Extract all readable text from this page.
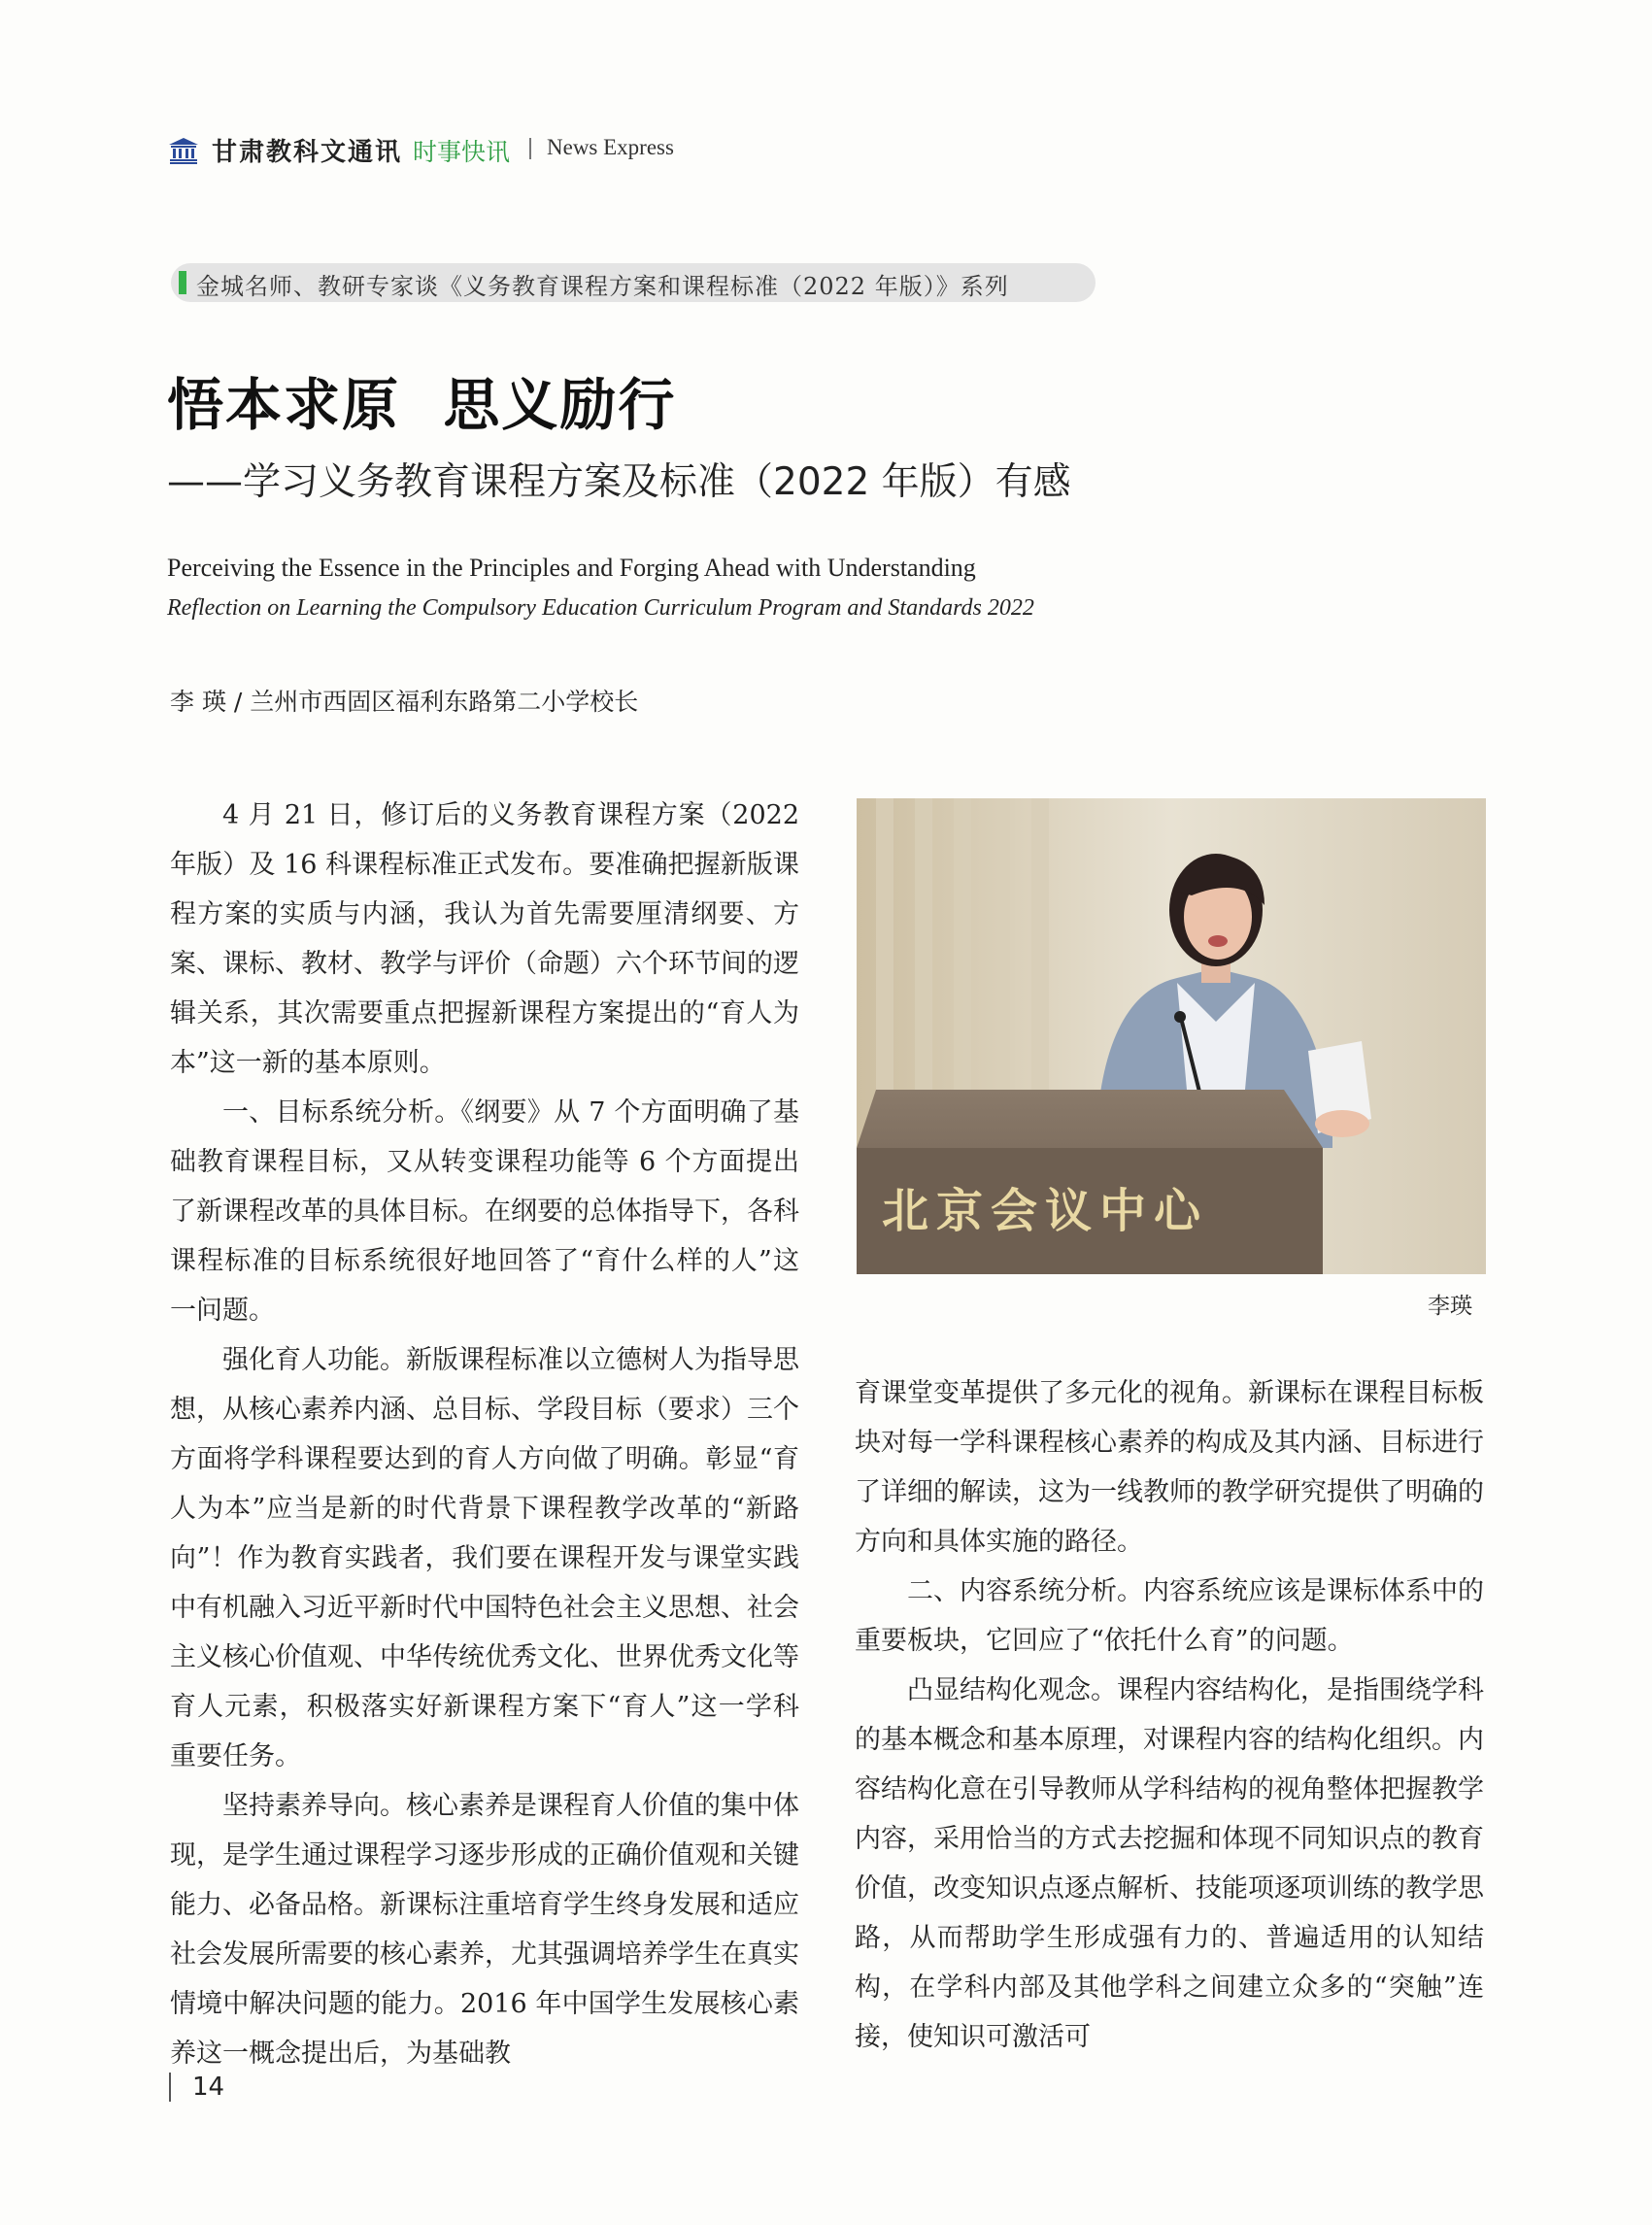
甘肃教科文通讯 时事快讯 News Express
金城名师、教研专家谈《义务教育课程方案和课程标准（2022 年版）》系列
悟本求原  思义励行
——学习义务教育课程方案及标准（2022 年版）有感
Perceiving the Essence in the Principles and Forging Ahead with Understanding
Reflection on Learning the Compulsory Education Curriculum Program and Standards 2022
李 瑛 / 兰州市西固区福利东路第二小学校长

4 月 21 日，修订后的义务教育课程方案（2022 年版）及 16 科课程标准正式发布。要准确把握新版课程方案的实质与内涵，我认为首先需要厘清纲要、方案、课标、教材、教学与评价（命题）六个环节间的逻辑关系，其次需要重点把握新课程方案提出的“育人为本”这一新的基本原则。

一、目标系统分析。《纲要》从 7 个方面明确了基础教育课程目标，又从转变课程功能等 6 个方面提出了新课程改革的具体目标。在纲要的总体指导下，各科课程标准的目标系统很好地回答了“育什么样的人”这一问题。

强化育人功能。新版课程标准以立德树人为指导思想，从核心素养内涵、总目标、学段目标（要求）三个方面将学科课程要达到的育人方向做了明确。彰显“育人为本”应当是新的时代背景下课程教学改革的“新路向”！作为教育实践者，我们要在课程开发与课堂实践中有机融入习近平新时代中国特色社会主义思想、社会主义核心价值观、中华传统优秀文化、世界优秀文化等育人元素，积极落实好新课程方案下“育人”这一学科重要任务。

坚持素养导向。核心素养是课程育人价值的集中体现，是学生通过课程学习逐步形成的正确价值观和关键能力、必备品格。新课标注重培育学生终身发展和适应社会发展所需要的核心素养，尤其强调培养学生在真实情境中解决问题的能力。2016 年中国学生发展核心素养这一概念提出后，为基础教

北京会议中心
李瑛

育课堂变革提供了多元化的视角。新课标在课程目标板块对每一学科课程核心素养的构成及其内涵、目标进行了详细的解读，这为一线教师的教学研究提供了明确的方向和具体实施的路径。

二、内容系统分析。内容系统应该是课标体系中的重要板块，它回应了“依托什么育”的问题。

凸显结构化观念。课程内容结构化，是指围绕学科的基本概念和基本原理，对课程内容的结构化组织。内容结构化意在引导教师从学科结构的视角整体把握教学内容，采用恰当的方式去挖掘和体现不同知识点的教育价值，改变知识点逐点解析、技能项逐项训练的教学思路，从而帮助学生形成强有力的、普遍适用的认知结构，在学科内部及其他学科之间建立众多的“突触”连接，使知识可激活可

14
